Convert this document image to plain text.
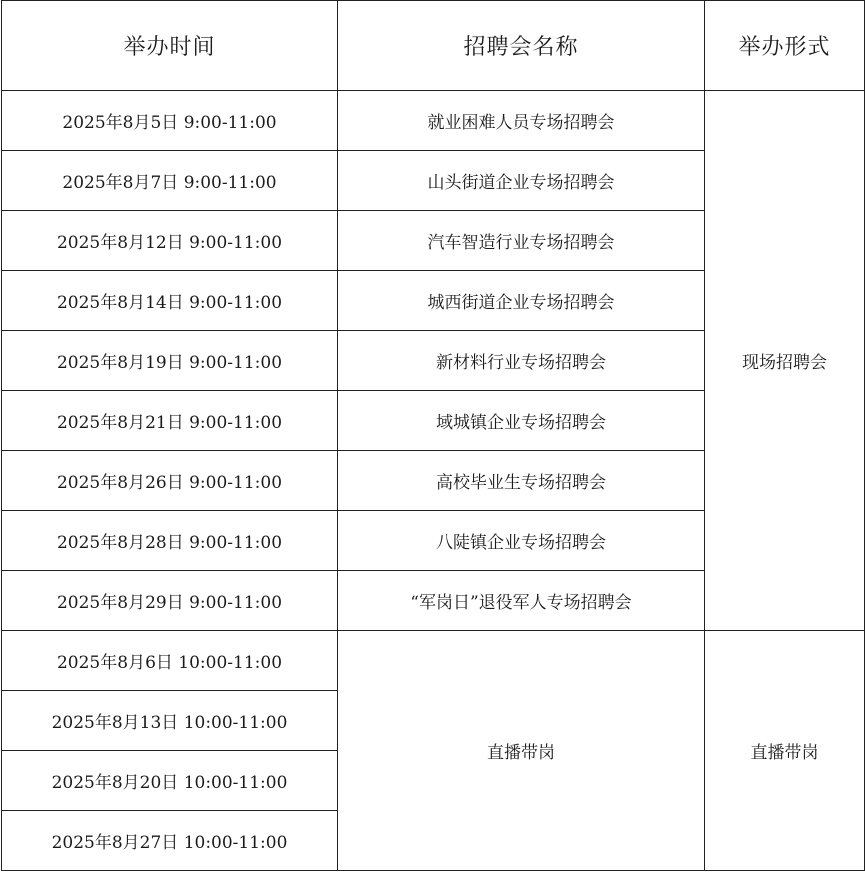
举办时间	招聘会名称	举办形式
2025年8月5日 9:00-11:00	就业困难人员专场招聘会	现场招聘会
2025年8月7日 9:00-11:00	山头街道企业专场招聘会	
2025年8月12日 9:00-11:00	汽车智造行业专场招聘会	
2025年8月14日 9:00-11:00	城西街道企业专场招聘会	
2025年8月19日 9:00-11:00	新材料行业专场招聘会	
2025年8月21日 9:00-11:00	域城镇企业专场招聘会	
2025年8月26日 9:00-11:00	高校毕业生专场招聘会	
2025年8月28日 9:00-11:00	八陡镇企业专场招聘会	
2025年8月29日 9:00-11:00	“军岗日”退役军人专场招聘会	
2025年8月6日 10:00-11:00	直播带岗	直播带岗
2025年8月13日 10:00-11:00		
2025年8月20日 10:00-11:00		
2025年8月27日 10:00-11:00		
